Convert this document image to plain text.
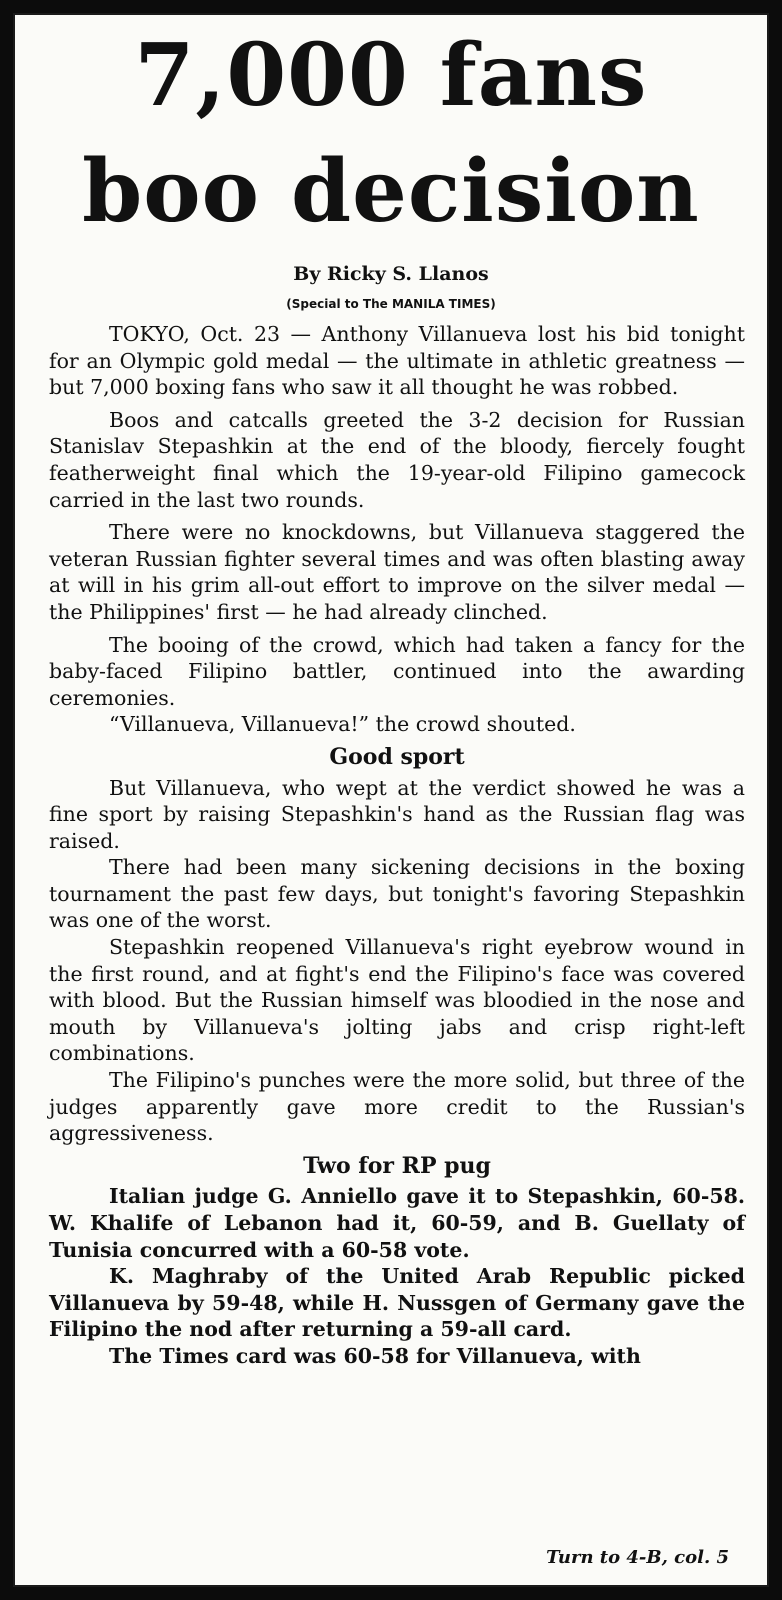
7,000 fans
boo decision
By Ricky S. Llanos
(Special to The MANILA TIMES)

TOKYO, Oct. 23 — Anthony Villanueva lost his bid tonight for an Olympic gold medal — the ultimate in athletic greatness — but 7,000 boxing fans who saw it all thought he was robbed.

Boos and catcalls greeted the 3-2 decision for Russian Stanislav Stepashkin at the end of the bloody, fiercely fought featherweight final which the 19-year-old Filipino gamecock carried in the last two rounds.

There were no knockdowns, but Villanueva staggered the veteran Russian fighter several times and was often blasting away at will in his grim all-out effort to improve on the silver medal — the Philippines' first — he had already clinched.

The booing of the crowd, which had taken a fancy for the baby-faced Filipino battler, continued into the awarding ceremonies.

“Villanueva, Villanueva!” the crowd shouted.

Good sport

But Villanueva, who wept at the verdict showed he was a fine sport by raising Stepashkin's hand as the Russian flag was raised.

There had been many sickening decisions in the boxing tournament the past few days, but tonight's favoring Stepashkin was one of the worst.

Stepashkin reopened Villanueva's right eyebrow wound in the first round, and at fight's end the Filipino's face was covered with blood. But the Russian himself was bloodied in the nose and mouth by Villanueva's jolting jabs and crisp right-left combinations.

The Filipino's punches were the more solid, but three of the judges apparently gave more credit to the Russian's aggressiveness.

Two for RP pug

Italian judge G. Anniello gave it to Stepashkin, 60-58. W. Khalife of Lebanon had it, 60-59, and B. Guellaty of Tunisia concurred with a 60-58 vote.

K. Maghraby of the United Arab Republic picked Villanueva by 59-48, while H. Nussgen of Germany gave the Filipino the nod after returning a 59-all card.

The Times card was 60-58 for Villanueva, with

Turn to 4-B, col. 5
